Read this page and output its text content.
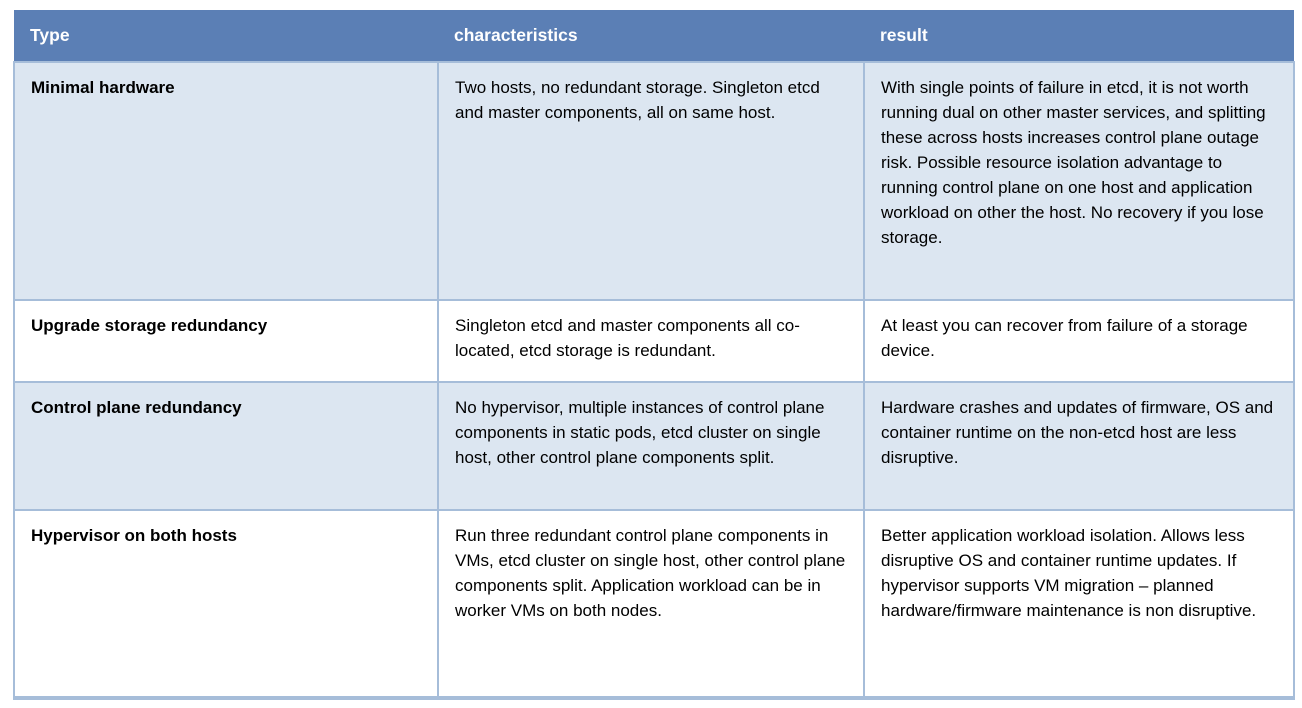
Type	characteristics	result
Minimal hardware	Two hosts, no redundant storage. Singleton etcd and master components, all on same host.	With single points of failure in etcd, it is not worth running dual on other master services, and splitting these across hosts increases control plane outage risk. Possible resource isolation advantage to running control plane on one host and application workload on other the host. No recovery if you lose storage.
Upgrade storage redundancy	Singleton etcd and master components all co-located, etcd storage is redundant.	At least you can recover from failure of a storage device.
Control plane redundancy	No hypervisor, multiple instances of control plane components in static pods, etcd cluster on single host, other control plane components split.	Hardware crashes and updates of firmware, OS and container runtime on the non-etcd host are less disruptive.
Hypervisor on both hosts	Run three redundant control plane components in VMs, etcd cluster on single host, other control plane components split. Application workload can be in worker VMs on both nodes.	Better application workload isolation. Allows less disruptive OS and container runtime updates. If hypervisor supports VM migration – planned hardware/firmware maintenance is non disruptive.
